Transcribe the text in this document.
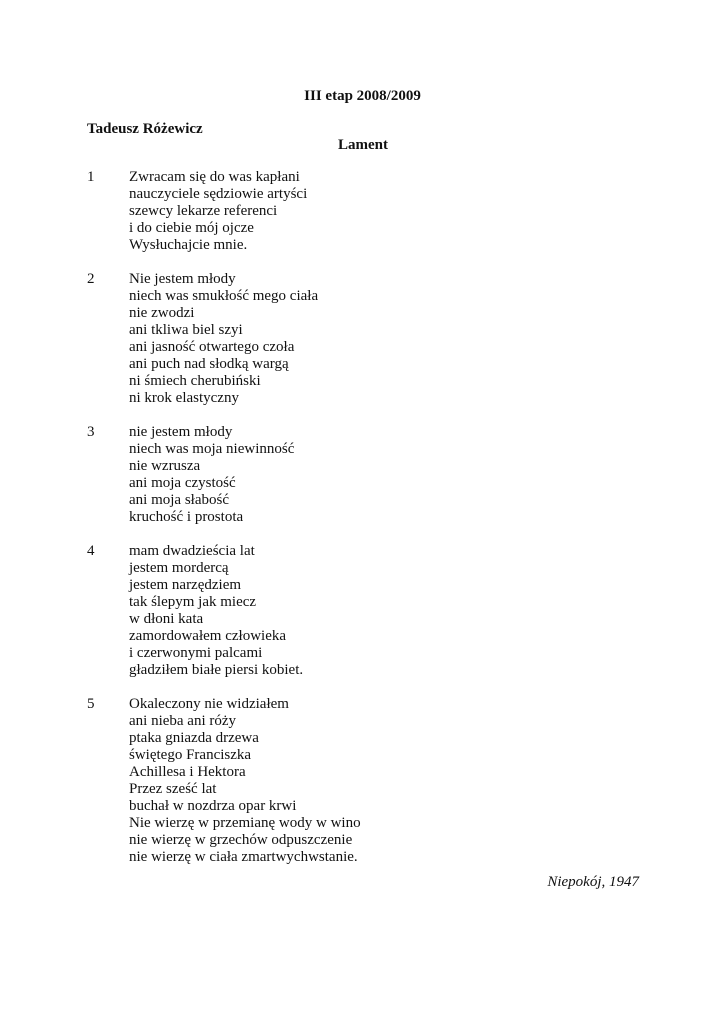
III etap 2008/2009
Tadeusz Różewicz
Lament
1	Zwracam się do was kapłani
nauczyciele sędziowie artyści
szewcy lekarze referenci
i do ciebie mój ojcze
Wysłuchajcie mnie.
2	Nie jestem młody
niech was smukłość mego ciała
nie zwodzi
ani tkliwa biel szyi
ani jasność otwartego czoła
ani puch nad słodką wargą
ni śmiech cherubiński
ni krok elastyczny
3	nie jestem młody
niech was moja niewinność
nie wzrusza
ani moja czystość
ani moja słabość
kruchość i prostota
4	mam dwadzieścia lat
jestem mordercą
jestem narzędziem
tak ślepym jak miecz
w dłoni kata
zamordowałem człowieka
i czerwonymi palcami
gładziłem białe piersi kobiet.
5	Okaleczony nie widziałem
ani nieba ani róży
ptaka gniazda drzewa
świętego Franciszka
Achillesa i Hektora
Przez sześć lat
buchał w nozdrza opar krwi
Nie wierzę w przemianę wody w wino
nie wierzę w grzechów odpuszczenie
nie wierzę w ciała zmartwychwstanie.
Niepokój, 1947
